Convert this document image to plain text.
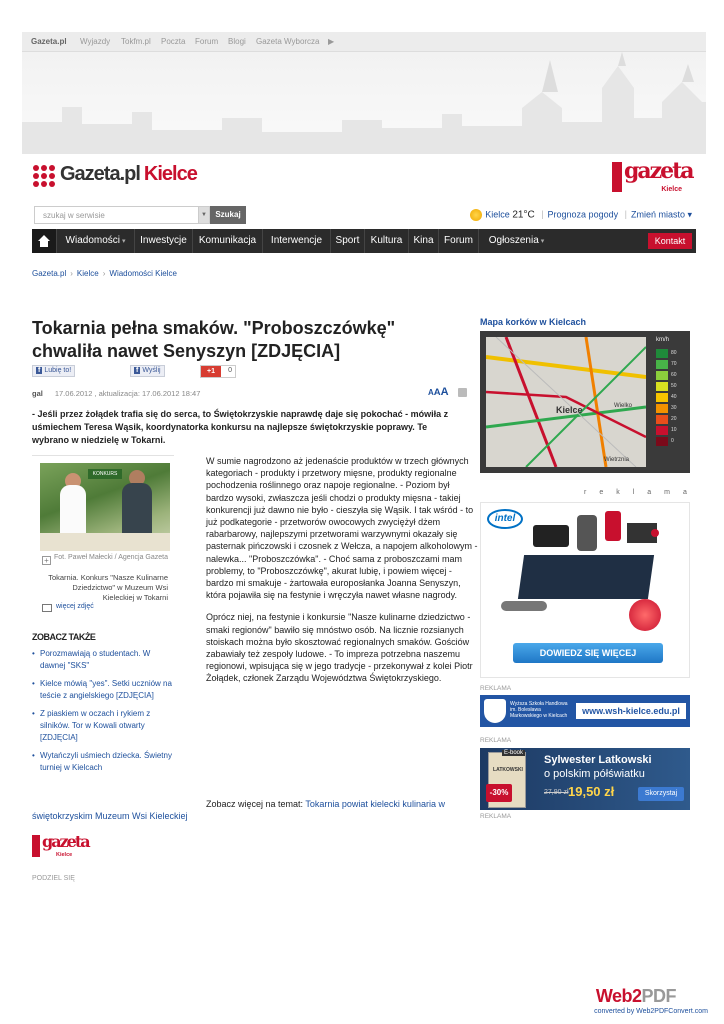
Gazeta.pl Wyjazdy Tokfm.pl Poczta Forum Blogi Gazeta Wyborcza ▶
Gazeta.pl Kielce	gazeta
Kielce
szukaj w serwisie	▼	Szukaj	Kielce 21°C | Prognoza pogody | Zmień miasto ▾
Wiadomości ▾	Inwestycje	Komunikacja	Interwencje	Sport	Kultura	Kina	Forum	Ogłoszenia ▾	Kontakt
Gazeta.pl › Kielce › Wiadomości Kielce
Tokarnia pełna smaków. "Proboszczówkę" chwaliła nawet Senyszyn [ZDJĘCIA]
f Lubię to!	f Wyślij	+1	0
gal 17.06.2012 , aktualizacja: 17.06.2012 18:47	AAA

- Jeśli przez żołądek trafia się do serca, to Świętokrzyskie naprawdę daje się pokochać - mówiła z uśmiechem Teresa Wąsik, koordynatorka konkursu na najlepsze świętokrzyskie poprawy. Te wybrano w niedzielę w Tokarni.

KONKURS
+ Fot. Paweł Małecki / Agencja Gazeta
Tokarnia. Konkurs "Nasze Kulinarne Dziedzictwo" w Muzeum Wsi Kieleckiej w Tokarni
więcej zdjęć
ZOBACZ TAKŻE
• Porozmawiają o studentach. W dawnej "SKS"
• Kielce mówią "yes". Setki uczniów na teście z angielskiego [ZDJĘCIA]
• Z piaskiem w oczach i rykiem z silników. Tor w Kowali otwarty [ZDJĘCIA]
• Wytańczyli uśmiech dziecka. Świetny turniej w Kielcach

W sumie nagrodzono aż jedenaście produktów w trzech głównych kategoriach - produkty i przetwory mięsne, produkty regionalne pochodzenia roślinnego oraz napoje regionalne. - Poziom był bardzo wysoki, zwłaszcza jeśli chodzi o produkty mięsna - takiej konkurencji już dawno nie było - cieszyła się Wąsik. I tak wśród - to już podkategorie - przetworów owocowych zwyciężył dżem rabarbarowy, najlepszymi przetworami warzywnymi okazały się pasternak pińczowski i czosnek z Wełcza, a napojem alkoholowym - nalewka... "Proboszczówka". - Choć sama z proboszczami mam problemy, to "Proboszczówkę", akurat lubię, i powiem więcej - bardzo mi smakuje - żartowała europosłanka Joanna Senyszyn, która pojawiła się na festynie i wręczyła nawet własne nagrody.

Oprócz niej, na festynie i konkursie "Nasze kulinarne dziedzictwo - smaki regionów" bawiło się mnóstwo osób. Na licznie rozsianych stoiskach można było skosztować regionalnych smaków. Gościów zabawiały też zespoły ludowe. - To impreza potrzebna naszemu regionowi, wpisująca się w jego tradycje - przekonywał z kolei Piotr Żołądek, członek Zarządu Województwa Świętokrzyskiego.

Zobacz więcej na temat: Tokarnia powiat kielecki kulinaria w świętokrzyskim Muzeum Wsi Kieleckiej
gazeta
Kielce
PODZIEL SIĘ
Mapa korków w Kielcach
Kielce	Wielko
Wietrznia
km/h
80
70
60
50
40
30
20
10
0
reklama
intel
DOWIEDZ SIĘ WIĘCEJ
REKLAMA
Wyższa Szkoła Handlowa im. Bolesława Markowskiego w Kielcach	www.wsh-kielce.edu.pl
REKLAMA
LATKOWSKI
E-book
Sylwester Latkowski
o polskim półświatku
-30%	27,90 zł 19,50 zł	Skorzystaj
REKLAMA
Web2PDF
converted by Web2PDFConvert.com
